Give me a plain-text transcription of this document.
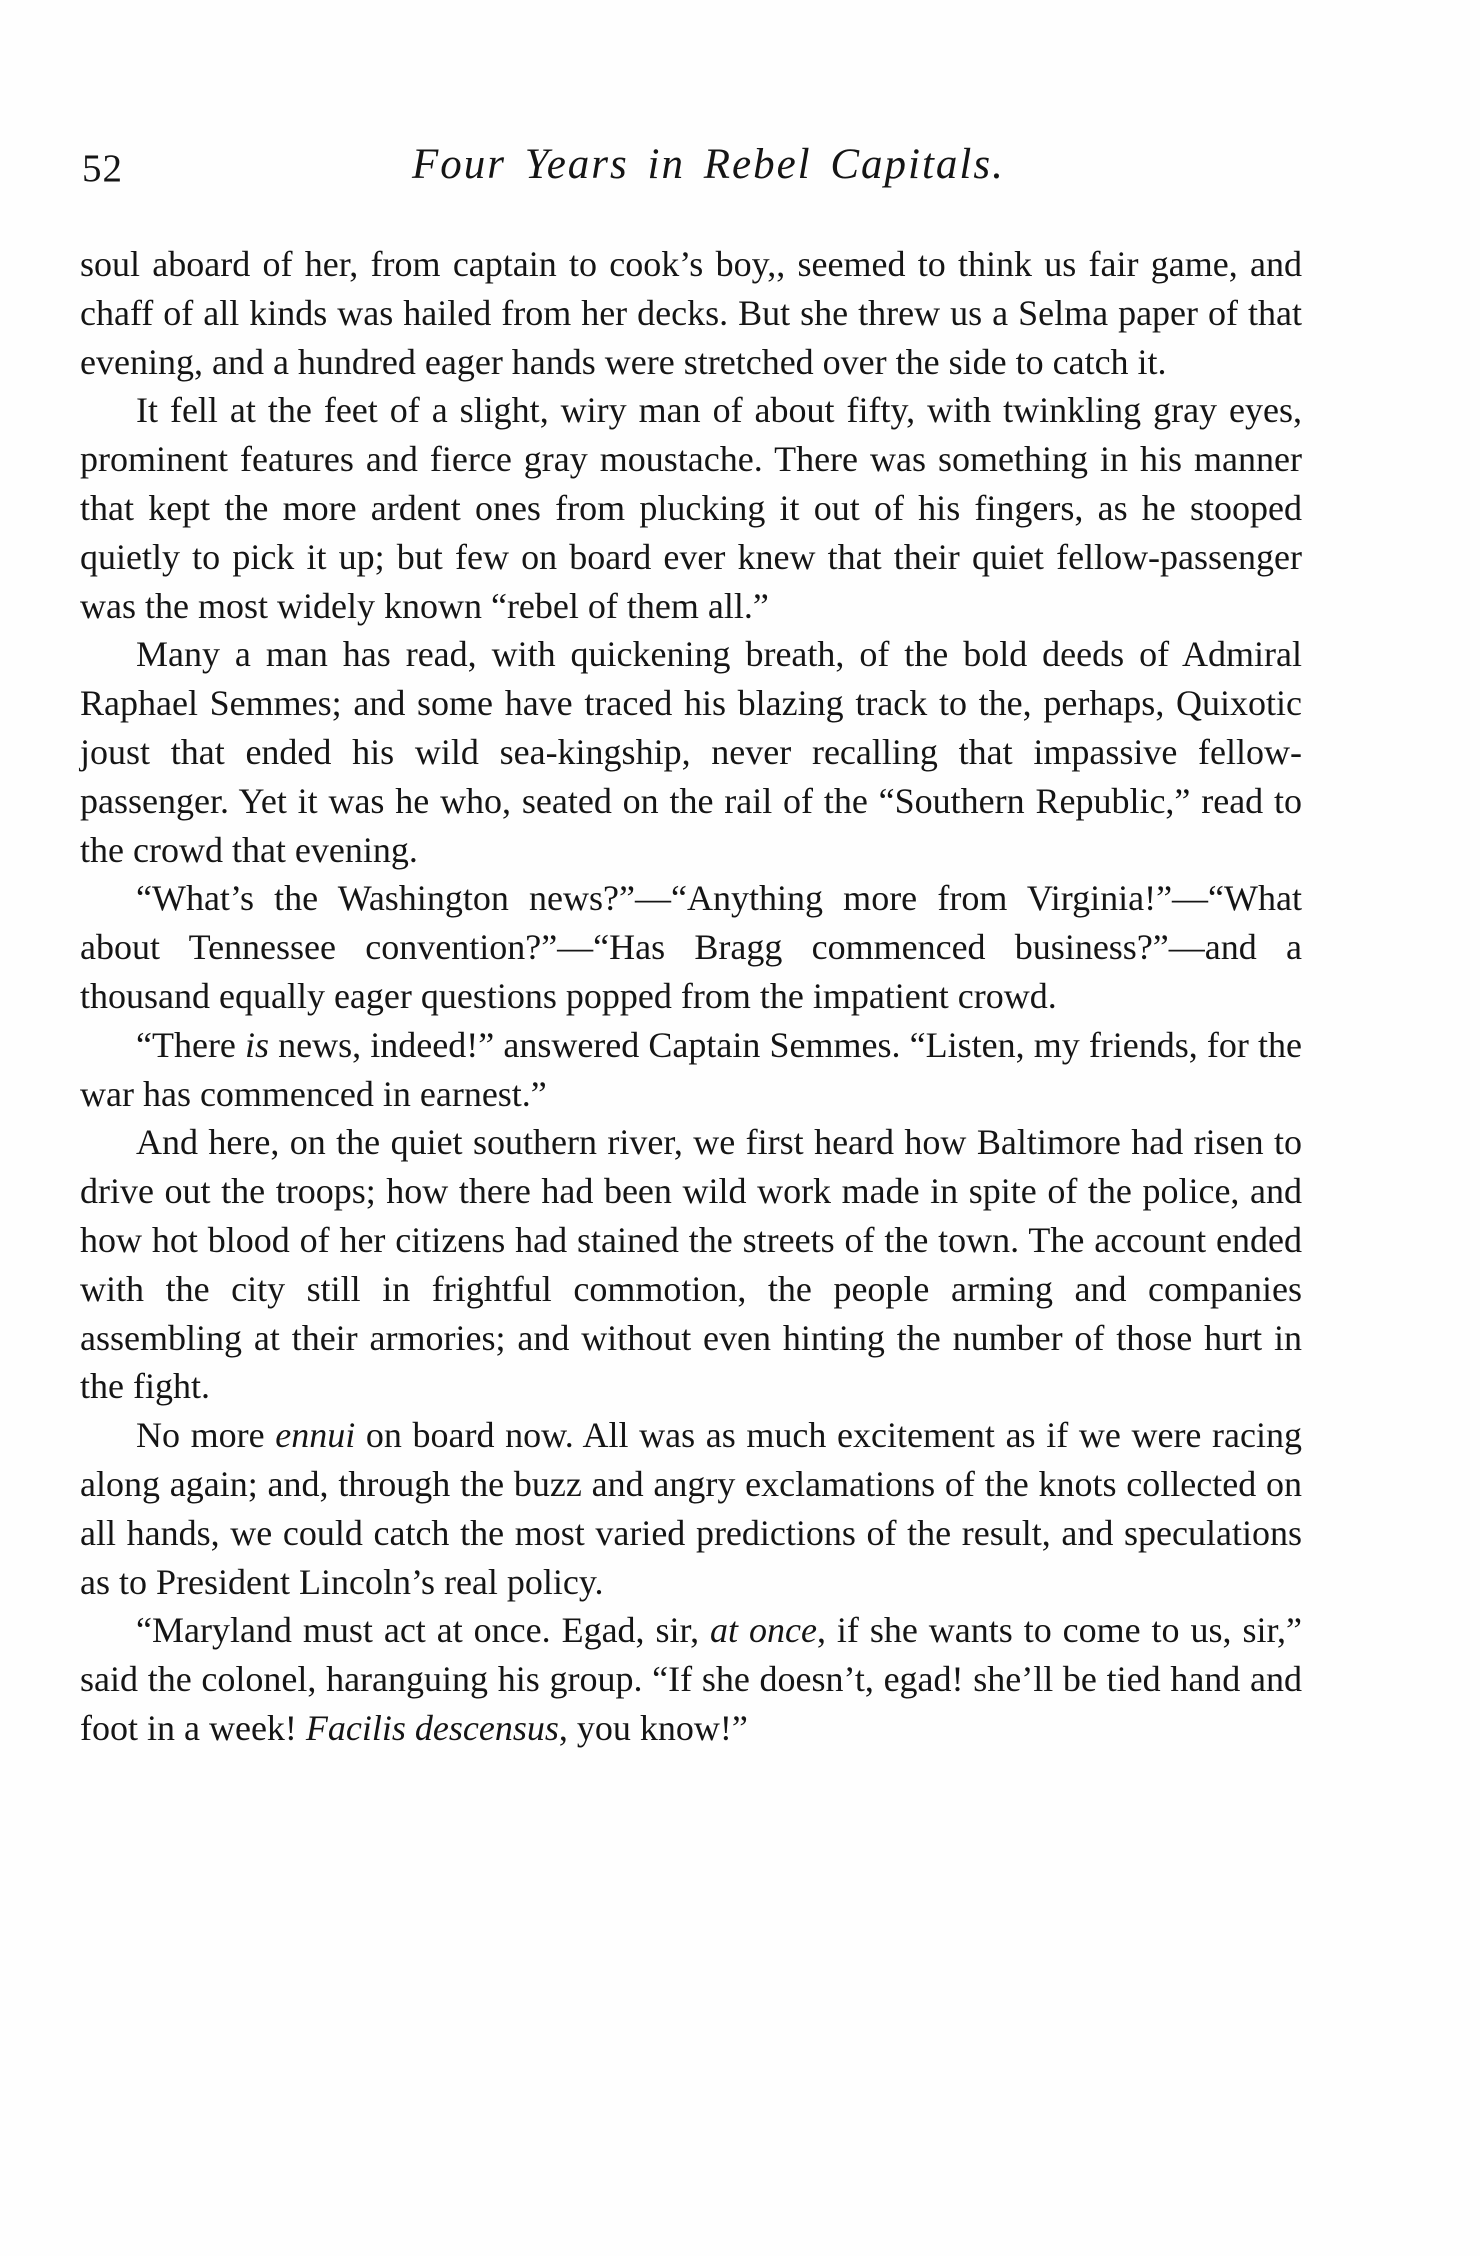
52	Four Years in Rebel Capitals.

soul aboard of her, from captain to cook’s boy,, seemed to think us fair game, and chaff of all kinds was hailed from her decks. But she threw us a Selma paper of that evening, and a hundred eager hands were stretched over the side to catch it.

It fell at the feet of a slight, wiry man of about fifty, with twinkling gray eyes, prominent features and fierce gray moustache. There was something in his manner that kept the more ardent ones from plucking it out of his fingers, as he stooped quietly to pick it up; but few on board ever knew that their quiet fellow-passenger was the most widely known “rebel of them all.”

Many a man has read, with quickening breath, of the bold deeds of Admiral Raphael Semmes; and some have traced his blazing track to the, perhaps, Quixotic joust that ended his wild sea-kingship, never recalling that impassive fellow-passenger. Yet it was he who, seated on the rail of the “Southern Republic,” read to the crowd that evening.

“What’s the Washington news?”—“Anything more from Virginia!”—“What about Tennessee convention?”—“Has Bragg commenced business?”—and a thousand equally eager questions popped from the impatient crowd.

“There is news, indeed!” answered Captain Semmes. “Listen, my friends, for the war has commenced in earnest.”

And here, on the quiet southern river, we first heard how Baltimore had risen to drive out the troops; how there had been wild work made in spite of the police, and how hot blood of her citizens had stained the streets of the town. The account ended with the city still in frightful commotion, the people arming and companies assembling at their armories; and without even hinting the number of those hurt in the fight.

No more ennui on board now. All was as much excitement as if we were racing along again; and, through the buzz and angry exclamations of the knots collected on all hands, we could catch the most varied predictions of the result, and speculations as to President Lincoln’s real policy.

“Maryland must act at once. Egad, sir, at once, if she wants to come to us, sir,” said the colonel, haranguing his group. “If she doesn’t, egad! she’ll be tied hand and foot in a week! Facilis descensus, you know!”
